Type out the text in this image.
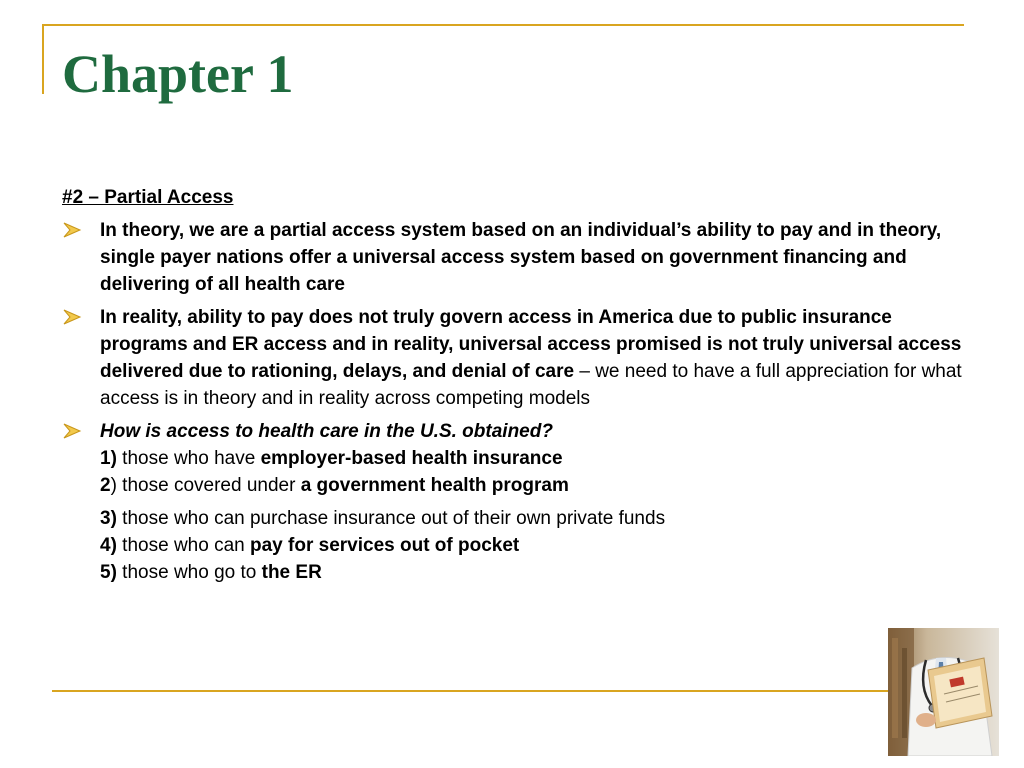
Chapter 1
#2 – Partial Access
In theory, we are a partial access system based on an individual’s ability to pay and in theory, single payer nations offer a universal access system based on government financing and delivering of all health care
In reality, ability to pay does not truly govern access in America due to public insurance programs and ER access and in reality, universal access promised is not truly universal access delivered due to rationing, delays, and denial of care – we need to have a full appreciation for what access is in theory and in reality across competing models
How is access to health care in the U.S. obtained?
1) those who have employer-based health insurance
2) those covered under a government health program
3) those who can purchase insurance out of their own private funds
4) those who can pay for services out of pocket
5) those who go to the ER
